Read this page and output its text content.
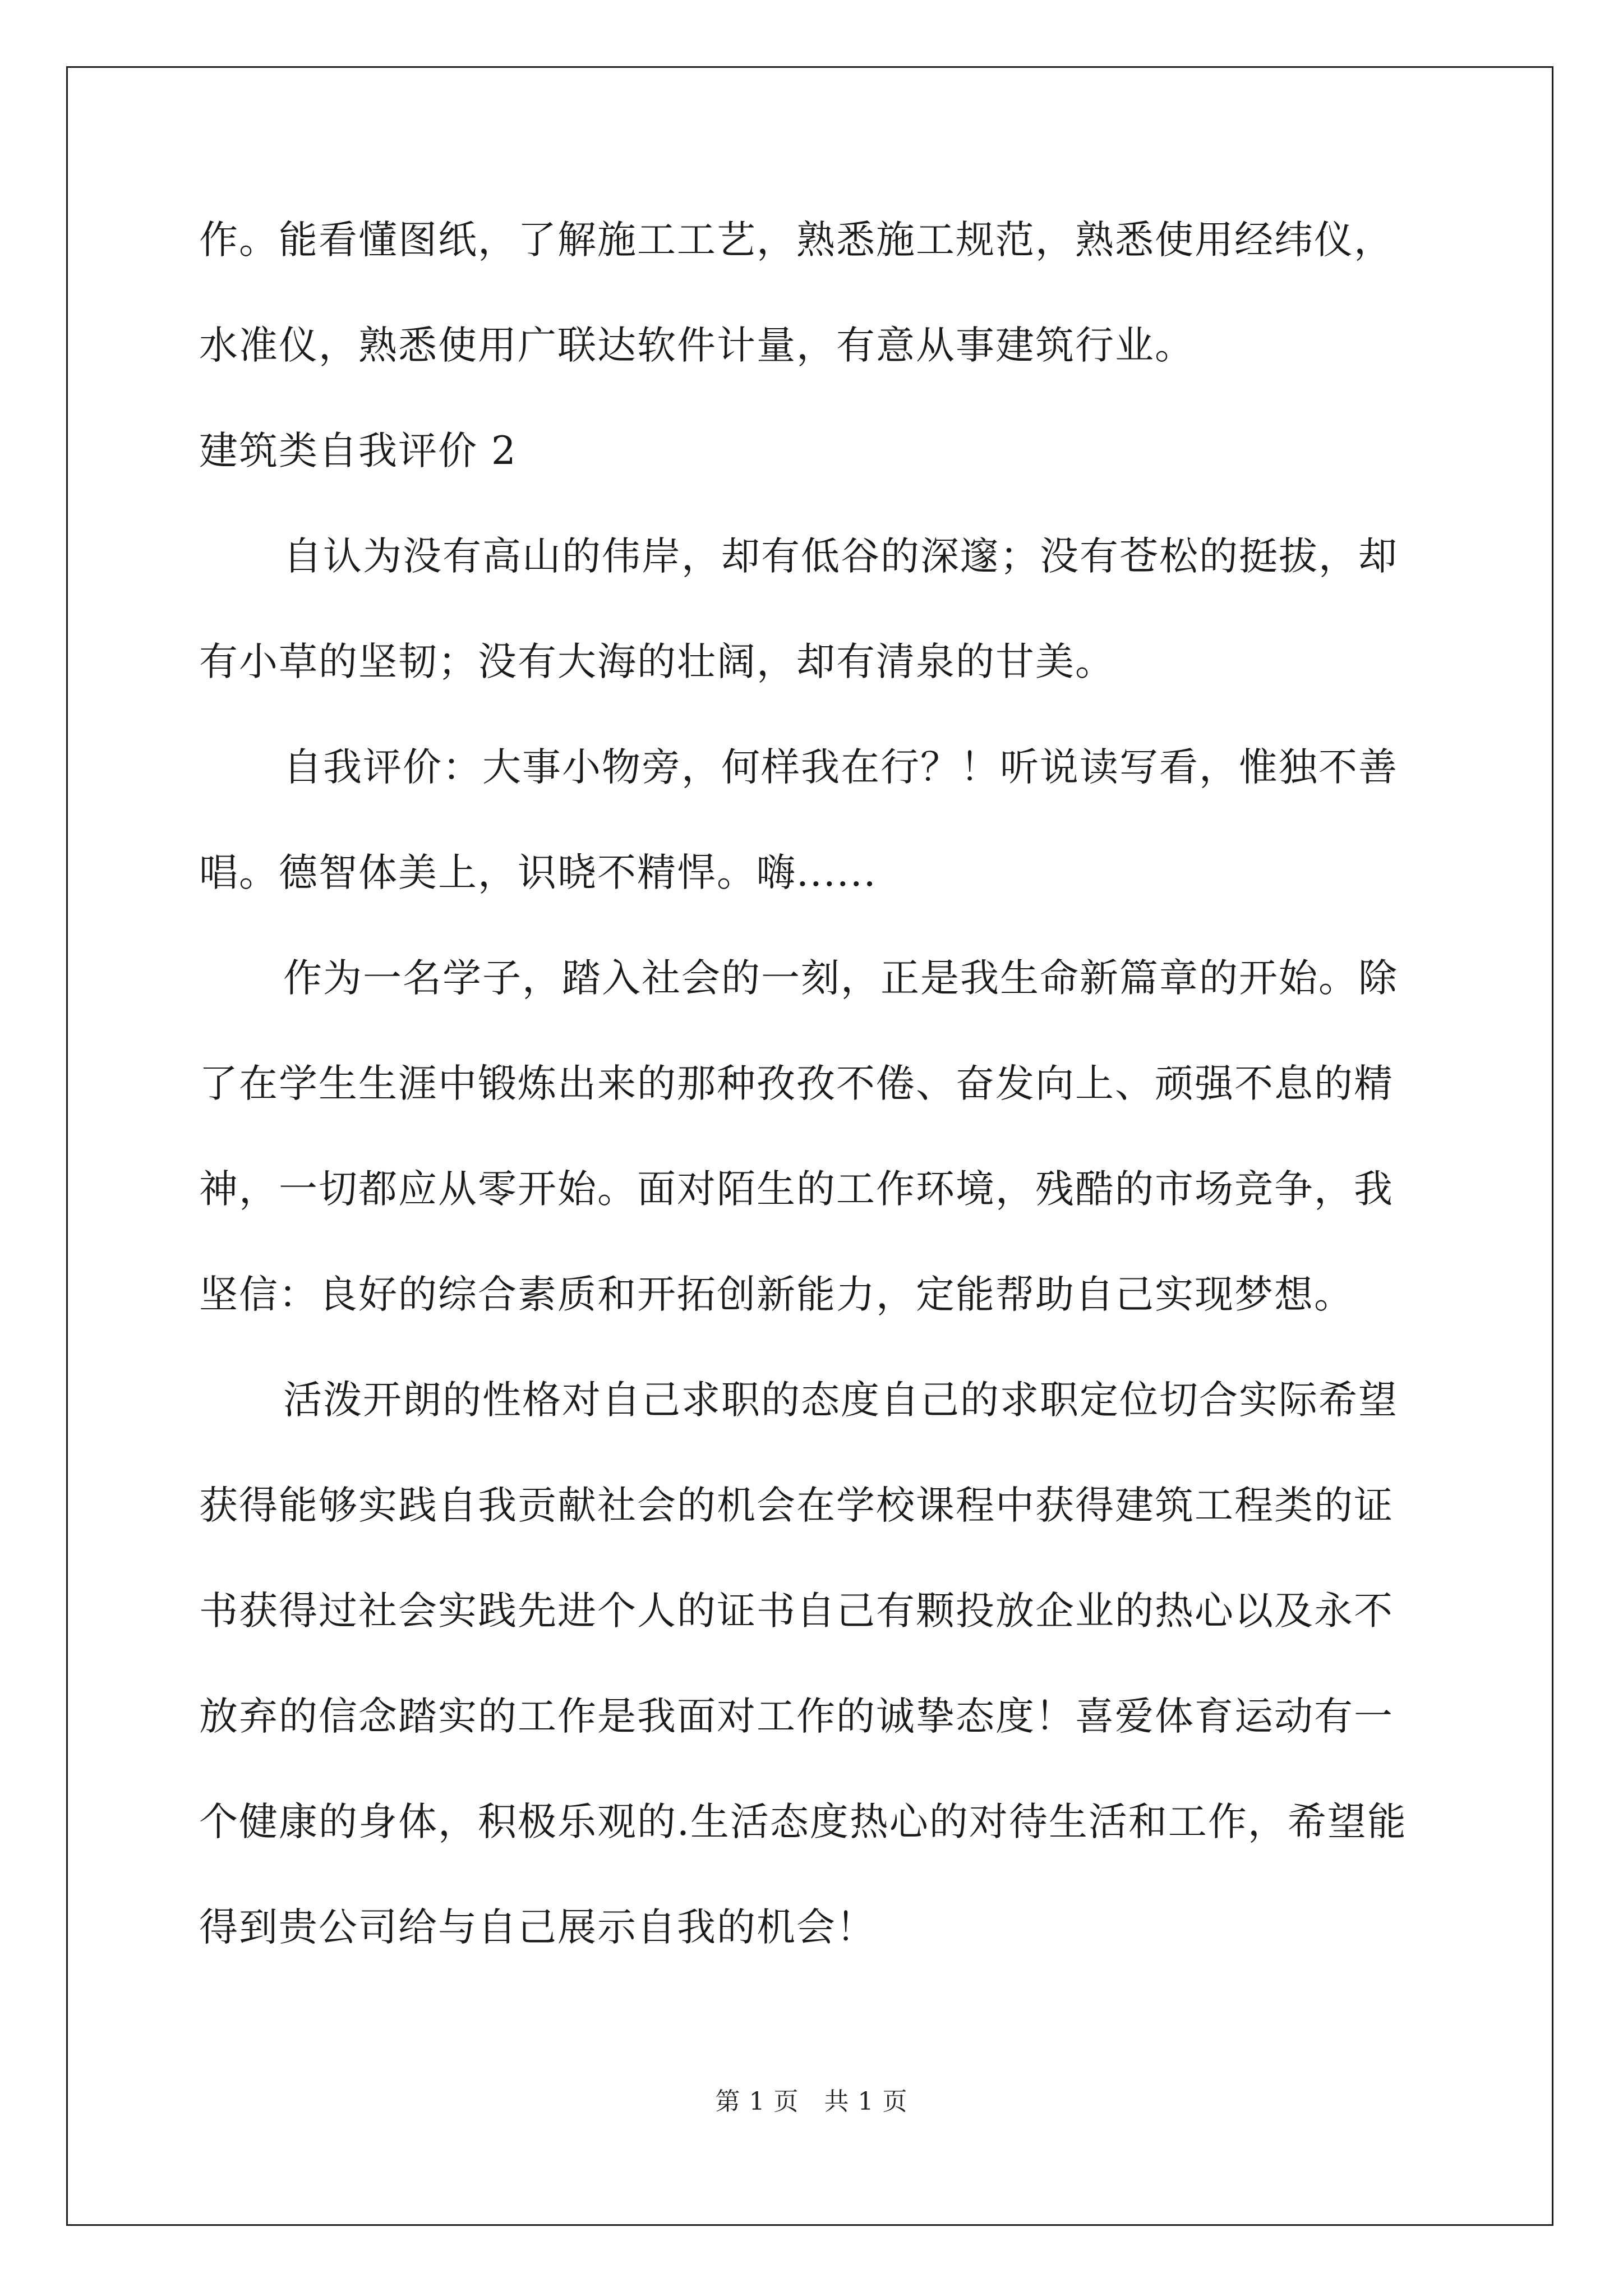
作。能看懂图纸，了解施工工艺，熟悉施工规范，熟悉使用经纬仪，

水准仪，熟悉使用广联达软件计量，有意从事建筑行业。

建筑类自我评价 2

自认为没有高山的伟岸，却有低谷的深邃；没有苍松的挺拔，却

有小草的坚韧；没有大海的壮阔，却有清泉的甘美。

自我评价：大事小物旁，何样我在行？！听说读写看，惟独不善

唱。德智体美上，识晓不精悍。嗨......

作为一名学子，踏入社会的一刻，正是我生命新篇章的开始。除

了在学生生涯中锻炼出来的那种孜孜不倦、奋发向上、顽强不息的精

神，一切都应从零开始。面对陌生的工作环境，残酷的市场竞争，我

坚信：良好的综合素质和开拓创新能力，定能帮助自己实现梦想。

活泼开朗的性格对自己求职的态度自己的求职定位切合实际希望

获得能够实践自我贡献社会的机会在学校课程中获得建筑工程类的证

书获得过社会实践先进个人的证书自己有颗投放企业的热心以及永不

放弃的信念踏实的工作是我面对工作的诚挚态度！喜爱体育运动有一

个健康的身体，积极乐观的.生活态度热心的对待生活和工作，希望能

得到贵公司给与自己展示自我的机会！

第 1 页　共 1 页
